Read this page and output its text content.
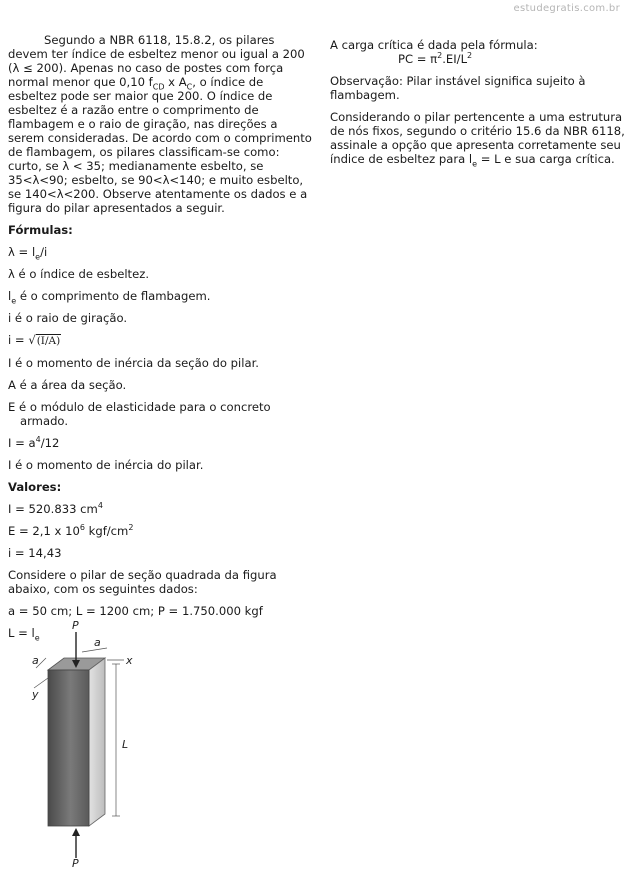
estudegratis.com.br

Segundo a NBR 6118, 15.8.2, os pilares devem ter índice de esbeltez menor ou igual a 200 (λ ≤ 200). Apenas no caso de postes com força normal menor que 0,10 $f_{CD}$ x $A_C$, o índice de esbeltez pode ser maior que 200. O índice de esbeltez é a razão entre o comprimento de flambagem e o raio de giração, nas direções a serem consideradas. De acordo com o comprimento de flambagem, os pilares classificam-se como: curto, se λ < 35; medianamente esbelto, se 35<λ<90; esbelto, se 90<λ<140; e muito esbelto, se 140<λ<200. Observe atentamente os dados e a figura do pilar apresentados a seguir.

Fórmulas:

$\lambda = l_e/i$

λ é o índice de esbeltez.

$l_e$ é o comprimento de flambagem.

i é o raio de giração.

i = √(I/A)

I é o momento de inércia da seção do pilar.

A é a área da seção.

E é o módulo de elasticidade para o concreto armado.

$I = a^4/12$

I é o momento de inércia do pilar.

Valores:

I = 520.833 $cm^4$

E = 2,1 x $10^6$ kgf/$cm^2$

i = 14,43

Considere o pilar de seção quadrada da figura abaixo, com os seguintes dados:

a = 50 cm; L = 1200 cm; P = 1.750.000 kgf

$L = l_e$

A carga crítica é dada pela fórmula:

PC = $\pi^2.EI/L^2$

Observação: Pilar instável significa sujeito à flambagem.

Considerando o pilar pertencente a uma estrutura de nós fixos, segundo o critério 15.6 da NBR 6118, assinale a opção que apresenta corretamente seu índice de esbeltez para $l_e = L$ e sua carga crítica.

P
P
a
a	x
y
L
